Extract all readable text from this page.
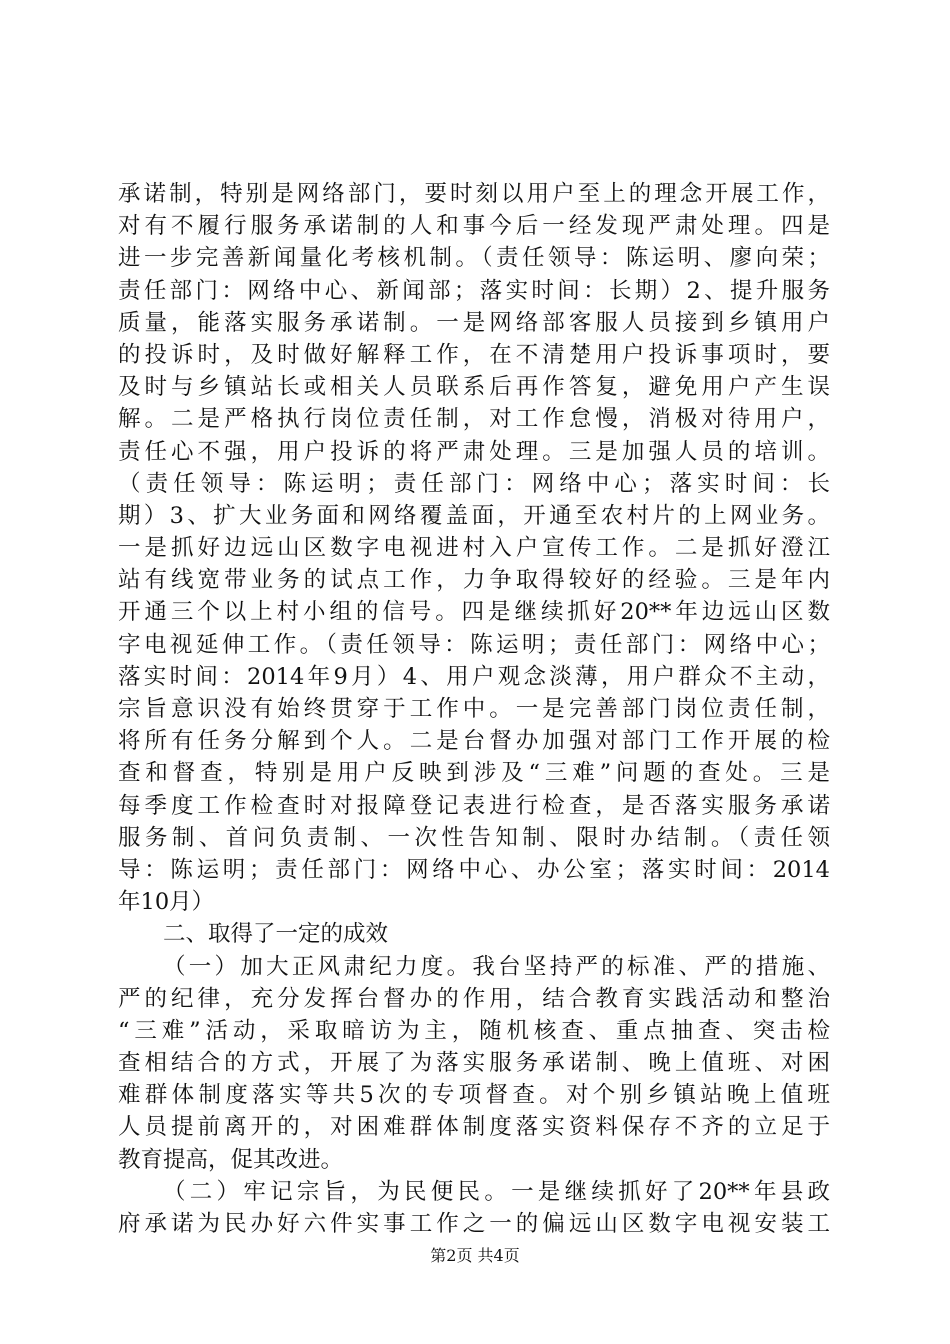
承诺制，特别是网络部门，要时刻以用户至上的理念开展工作，
对有不履行服务承诺制的人和事今后一经发现严肃处理。四是
进一步完善新闻量化考核机制。（责任领导：陈运明、廖向荣；
责任部门：网络中心、新闻部；落实时间：长期）2、提升服务
质量，能落实服务承诺制。一是网络部客服人员接到乡镇用户
的投诉时，及时做好解释工作，在不清楚用户投诉事项时，要
及时与乡镇站长或相关人员联系后再作答复，避免用户产生误
解。二是严格执行岗位责任制，对工作怠慢，消极对待用户，
责任心不强，用户投诉的将严肃处理。三是加强人员的培训。
（责任领导：陈运明；责任部门：网络中心；落实时间：长
期）3、扩大业务面和网络覆盖面，开通至农村片的上网业务。
一是抓好边远山区数字电视进村入户宣传工作。二是抓好澄江
站有线宽带业务的试点工作，力争取得较好的经验。三是年内
开通三个以上村小组的信号。四是继续抓好20**年边远山区数
字电视延伸工作。（责任领导：陈运明；责任部门：网络中心；
落实时间：2014年9月）4、用户观念淡薄，用户群众不主动，
宗旨意识没有始终贯穿于工作中。一是完善部门岗位责任制，
将所有任务分解到个人。二是台督办加强对部门工作开展的检
查和督查，特别是用户反映到涉及“三难”问题的查处。三是
每季度工作检查时对报障登记表进行检查，是否落实服务承诺
服务制、首问负责制、一次性告知制、限时办结制。（责任领
导：陈运明；责任部门：网络中心、办公室；落实时间：2014
年10月）
二、取得了一定的成效
（一）加大正风肃纪力度。我台坚持严的标准、严的措施、
严的纪律，充分发挥台督办的作用，结合教育实践活动和整治
“三难”活动，采取暗访为主，随机核查、重点抽查、突击检
查相结合的方式，开展了为落实服务承诺制、晚上值班、对困
难群体制度落实等共5次的专项督查。对个别乡镇站晚上值班
人员提前离开的，对困难群体制度落实资料保存不齐的立足于
教育提高，促其改进。
（二）牢记宗旨，为民便民。一是继续抓好了20**年县政
府承诺为民办好六件实事工作之一的偏远山区数字电视安装工
第2页 共4页
